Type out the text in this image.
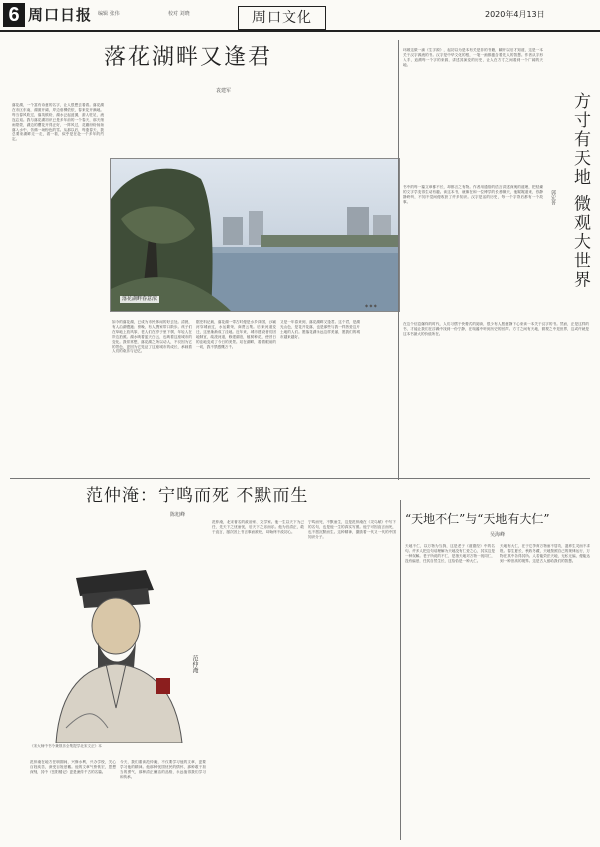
6 周口日报 编辑 张伟	校对 刘晓	周口文化	2020年4月13日
落花湖畔又逢君
袁建军
落花湖，一个富有诗意的名字，让人很想去看看。落花湖在市区东南，湖面开阔，岸边垂柳依依，春来花开满地。每当春风吹过，落英缤纷，湖水泛起涟漪，游人驻足，流连忘返。我与落花湖初识已是多年前的一个春天，那天细雨蒙蒙，湖边的樱花开得正好，一阵风过，花瓣纷纷扬扬落入水中，仿佛一场粉色的雪。从那以后，每逢春天，我总要来湖畔走一走，看一看，似乎是在赴一个多年的约定。
落花湖畔春意浓
◆ ◆ ◆
如今的落花湖，已成为市民休闲的好去处。清晨，有人沿湖慢跑；傍晚，有人携家带口散步。孩子们在草地上放风筝，老人们在亭子里下棋，年轻人在岸边拍照。湖水映着蓝天白云，也映着这座城市的变化。我常常想，落花湖之所以动人，不仅因为它的景色，更因为它见证了这座城市的成长，承载着人们的欢乐与记忆。
据史料记载，落花湖一带古时便是水乡泽国，沙颍河穿城而过，水运繁荣，商贾云集。后来河道变迁，这里渐渐成了洼地。近年来，城市建设者们因地制宜，疏浚河道，修建湖泊，植树种花，使昔日的洼地变成了今日的美景。站在湖畔，看着眼前的一切，我不禁感慨万千。
又是一年春来到，落花湖畔又逢君。这个君，是湖光山色，是花开花落，也是那些与我一样热爱这片土地的人们。愿落花湖永远这样美丽，愿我们的城市越来越好。
环顾这微一滴《生字源》，起初以为是本有关是非的书籍，翻开以后才知道，这是一本关于汉字源流的书。汉字是中华文化的根，一笔一画都蕴含着先人的智慧。作者从字形入手，追溯每一个字的来源，讲述其演变的历史，让人在方寸之间看到一个广阔的天地。
方寸有天地 微观大世界
郭宏普
书中的每一篇文章都不长，却都言之有物。作者用通俗的语言讲述深奥的道理，把枯燥的文字学变得生动有趣。读这本书，就像在和一位博学的长者聊天，他娓娓道来，你静静聆听，不知不觉间便收获了许多知识。汉字是活的历史，每一个字背后都有一个故事。
在这个信息爆炸的时代，人们习惯于快餐式的阅读，很少有人愿意静下心来读一本关于汉字的书。然而，正是这样的书，才能让我们在浮躁中找到一份宁静，在喧嚣中听到历史的回声。方寸之间有天地，微观之中见世界，这或许就是这本书最大的价值所在。
范仲淹：宁鸣而死 不默而生
陈旭峰
范仲淹
《宋大师中书令兼领乐全集提学北宋文正》本
范仲淹，北宋著名的政治家、文学家。他一生以天下为己任，先天下之忧而忧，后天下之乐而乐。他为官清正，敢于直言，屡次因上书言事而被贬，却始终不改初心。
宁鸣而死，不默而生，这是范仲淹在《灵乌赋》中写下的名句，也是他一生的真实写照。他宁可因直言而死，也不愿沉默而生。这种精神，激励着一代又一代的中国知识分子。
范仲淹在地方任职期间，兴修水利，兴办学校，关心百姓疾苦，深受百姓爱戴。他的文章气势恢宏，思想深刻，其中《岳阳楼记》更是流传千古的名篇。
今天，我们重读范仲淹，不仅要学习他的文章，更要学习他的精神。他那种忧国忧民的情怀，那种敢于担当的勇气，那种清正廉洁的品格，永远值得我们学习和传承。
“天地不仁”与“天地有大仁”
吴海峰
天地不仁，以万物为刍狗，这是老子《道德经》中的名句。许多人把这句话理解为天地没有仁爱之心，其实这是一种误解。老子所说的不仁，是指天地对万物一视同仁，没有偏爱，任其自然生长，这恰恰是一种大仁。
天地有大仁，在于它孕育万物而不居功，滋养生灵而不求报。春生夏长，秋收冬藏，天地按照自己的规律运行，万物在其中各得其所。人若能效法天地，无私无偏，便能达到一种崇高的境界。这是古人留给我们的智慧。
